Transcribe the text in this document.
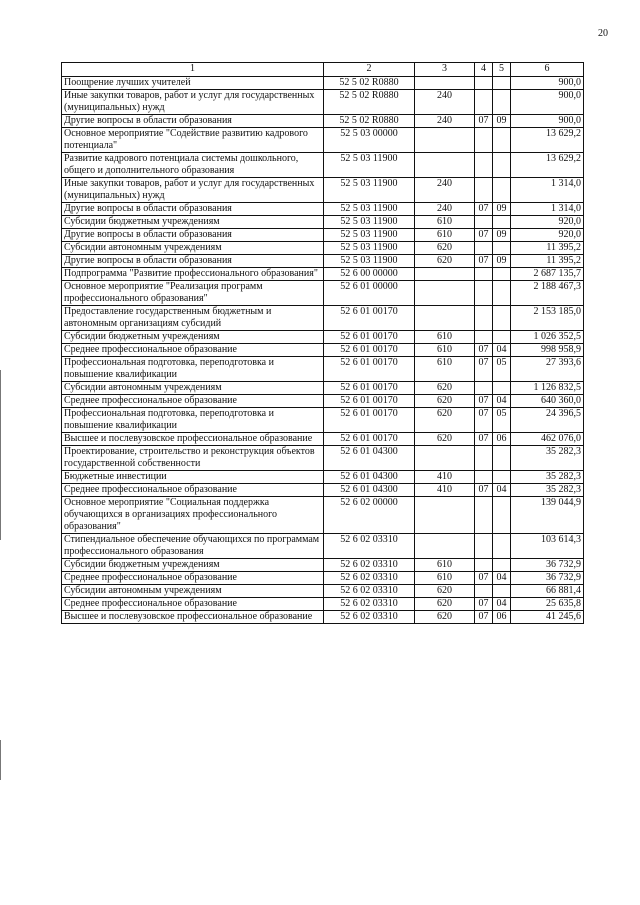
20
1	2	3	4	5	6
Поощрение лучших учителей	52 5 02 R0880				900,0
Иные закупки товаров, работ и услуг для государственных (муниципальных) нужд	52 5 02 R0880	240			900,0
Другие вопросы в области образования	52 5 02 R0880	240	07	09	900,0
Основное мероприятие "Содействие развитию кадрового потенциала"	52 5 03 00000				13 629,2
Развитие кадрового потенциала системы дошкольного, общего и дополнительного образования	52 5 03 11900				13 629,2
Иные закупки товаров, работ и услуг для государственных (муниципальных) нужд	52 5 03 11900	240			1 314,0
Другие вопросы в области образования	52 5 03 11900	240	07	09	1 314,0
Субсидии бюджетным учреждениям	52 5 03 11900	610			920,0
Другие вопросы в области образования	52 5 03 11900	610	07	09	920,0
Субсидии автономным учреждениям	52 5 03 11900	620			11 395,2
Другие вопросы в области образования	52 5 03 11900	620	07	09	11 395,2
Подпрограмма "Развитие профессионального образования"	52 6 00 00000				2 687 135,7
Основное мероприятие "Реализация программ профессионального образования"	52 6 01 00000				2 188 467,3
Предоставление государственным бюджетным и автономным организациям субсидий	52 6 01 00170				2 153 185,0
Субсидии бюджетным учреждениям	52 6 01 00170	610			1 026 352,5
Среднее профессиональное образование	52 6 01 00170	610	07	04	998 958,9
Профессиональная подготовка, переподготовка и повышение квалификации	52 6 01 00170	610	07	05	27 393,6
Субсидии автономным учреждениям	52 6 01 00170	620			1 126 832,5
Среднее профессиональное образование	52 6 01 00170	620	07	04	640 360,0
Профессиональная подготовка, переподготовка и повышение квалификации	52 6 01 00170	620	07	05	24 396,5
Высшее и послевузовское профессиональное образование	52 6 01 00170	620	07	06	462 076,0
Проектирование, строительство и реконструкция объектов государственной собственности	52 6 01 04300				35 282,3
Бюджетные инвестиции	52 6 01 04300	410			35 282,3
Среднее профессиональное образование	52 6 01 04300	410	07	04	35 282,3
Основное мероприятие "Социальная поддержка обучающихся в организациях профессионального образования"	52 6 02 00000				139 044,9
Стипендиальное обеспечение обучающихся по программам профессионального образования	52 6 02 03310				103 614,3
Субсидии бюджетным учреждениям	52 6 02 03310	610			36 732,9
Среднее профессиональное образование	52 6 02 03310	610	07	04	36 732,9
Субсидии автономным учреждениям	52 6 02 03310	620			66 881,4
Среднее профессиональное образование	52 6 02 03310	620	07	04	25 635,8
Высшее и послевузовское профессиональное образование	52 6 02 03310	620	07	06	41 245,6
